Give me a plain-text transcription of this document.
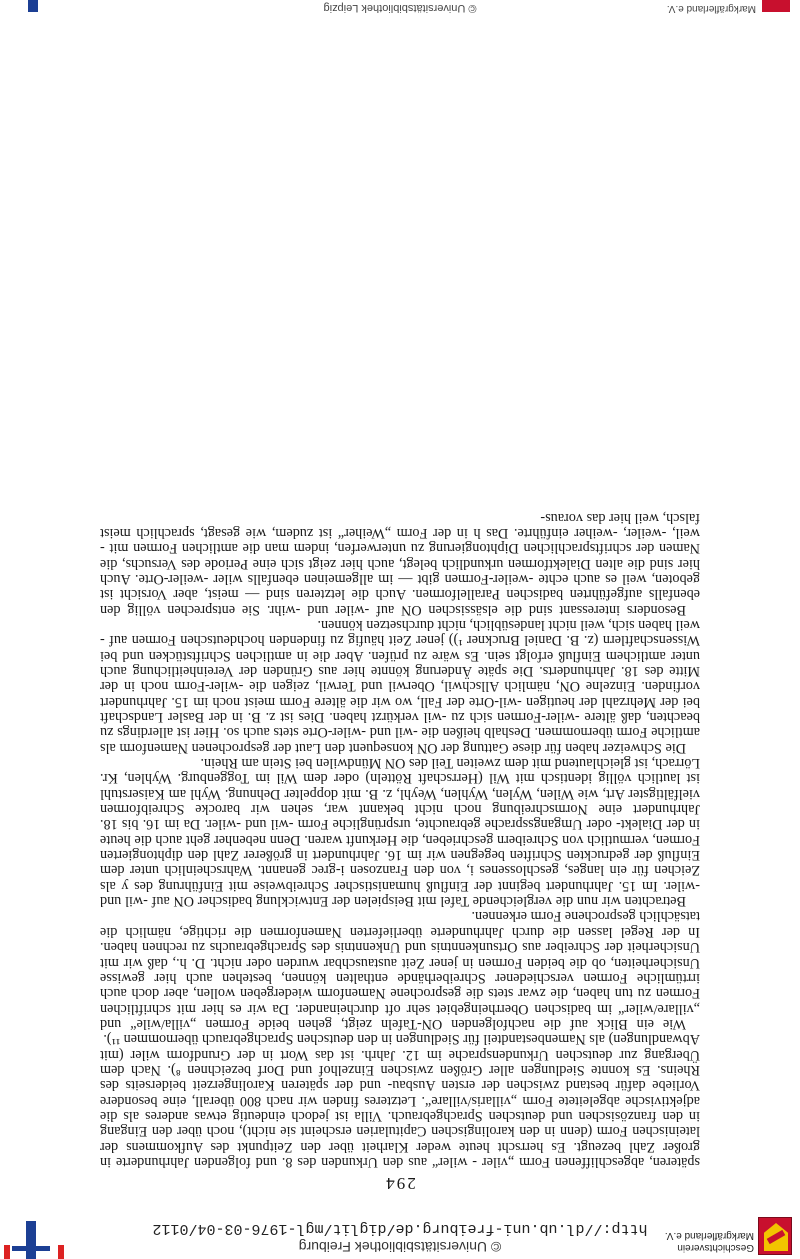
Geschichtsverein Markgräflerland e.V.
© Universitätsbibliothek Freiburg
http://dl.ub.uni-freiburg.de/diglit/mgl-1976-03-04/0112
294

späteren, abgeschliffenen Form „viler - wiler“ aus den Urkunden des 8. und folgenden Jahrhunderte in großer Zahl bezeugt. Es herrscht heute weder Klarheit über den Zeitpunkt des Aufkommens der lateinischen Form (denn in den karolingischen Capitularien erscheint sie nicht), noch über den Eingang in den französischen und deutschen Sprachgebrauch. Villa ist jedoch eindeutig etwas anderes als die adjektivische abgeleitete Form „villaris/villare“. Letzteres finden wir nach 800 überall, eine besondere Vorliebe dafür bestand zwischen der ersten Ausbau- und der späteren Karolingerzeit beiderseits des Rheins. Es konnte Siedlungen aller Größen zwischen Einzelhof und Dorf bezeichnen ⁸). Nach dem Übergang zur deutschen Urkundensprache im 12. Jahrh. ist das Wort in der Grundform wiler (mit Abwandlungen) als Namenbestandteil für Siedlungen in den deutschen Sprachgebrauch übernommen ¹¹).

Wie ein Blick auf die nachfolgenden ON-Tafeln zeigt, gehen beide Formen „villa/wile“ und „villare/wiler“ im badischen Oberrheingebiet sehr oft durcheinander. Da wir es hier mit schriftlichen Formen zu tun haben, die zwar stets die gesprochene Namenform wiedergeben wollen, aber doch auch irrtümliche Formen verschiedener Schreiberhände enthalten können, bestehen auch hier gewisse Unsicherheiten, ob die beiden Formen in jener Zeit austauschbar wurden oder nicht. D. h., daß wir mit Unsicherheit der Schreiber aus Ortsunkenntnis und Unkenntnis des Sprachgebrauchs zu rechnen haben. In der Regel lassen die durch Jahrhunderte überlieferten Namenformen die richtige, nämlich die tatsächlich gesprochene Form erkennen.

Betrachten wir nun die vergleichende Tafel mit Beispielen der Entwicklung badischer ON auf -wil und -wiler. Im 15. Jahrhundert beginnt der Einfluß humanistischer Schreibweise mit Einführung des y als Zeichen für ein langes, geschlossenes i, von den Franzosen i-grec genannt. Wahrscheinlich unter dem Einfluß der gedruckten Schriften begegnen wir im 16. Jahrhundert in größerer Zahl den diphtongierten Formen, vermutlich von Schreibern geschrieben, die Herkunft waren. Denn nebenher geht auch die heute in der Dialekt- oder Umgangssprache gebrauchte, ursprüngliche Form -wil und -wiler. Da im 16. bis 18. Jahrhundert eine Normschreibung noch nicht bekannt war, sehen wir barocke Schreibformen vielfältigster Art, wie Wilen, Wylen, Wyhlen, Weyhl, z. B. mit doppelter Dehnung. Wyhl am Kaiserstuhl ist lautlich völlig identisch mit Wil (Herrschaft Rötteln) oder dem Wil im Toggenburg. Wyhlen, Kr. Lörrach, ist gleichlautend mit dem zweiten Teil des ON Mündwilen bei Stein am Rhein.

Die Schweizer haben für diese Gattung der ON konsequent den Laut der gesprochenen Namenform als amtliche Form übernommen. Deshalb heißen die -wil und -wiler-Orte stets auch so. Hier ist allerdings zu beachten, daß ältere -wiler-Formen sich zu -wil verkürzt haben. Dies ist z. B. in der Basler Landschaft bei der Mehrzahl der heutigen -wil-Orte der Fall, wo wir die ältere Form meist noch im 15. Jahrhundert vorfinden. Einzelne ON, nämlich Allschwil, Oberwil und Terwil, zeigen die -wiler-Form noch in der Mitte des 18. Jahrhunderts. Die späte Änderung könnte hier aus Gründen der Vereinheitlichung auch unter amtlichem Einfluß erfolgt sein. Es wäre zu prüfen. Aber die in amtlichen Schriftstücken und bei Wissenschaftlern (z. B. Daniel Bruckner ¹)) jener Zeit häufig zu findenden hochdeutschen Formen auf -weil haben sich, weil nicht landesüblich, nicht durchsetzen können.

Besonders interessant sind die elsässischen ON auf -wiler und -wihr. Sie entsprechen völlig den ebenfalls aufgeführten badischen Parallelformen. Auch die letzteren sind — meist, aber Vorsicht ist geboten, weil es auch echte -weiler-Formen gibt — im allgemeinen ebenfalls wiler -weiler-Orte. Auch hier sind die alten Dialektformen urkundlich belegt, auch hier zeigt sich eine Periode des Versuchs, die Namen der schriftsprachlichen Diphtongierung zu unterwerfen, indem man die amtlichen Formen mit -weil, -weiler, -weiher einführte. Das h in der Form „Weiher“ ist zudem, wie gesagt, sprachlich meist falsch, weil hier das voraus-

Markgräflerland e.V.
© Universitätsbibliothek Leipzig
